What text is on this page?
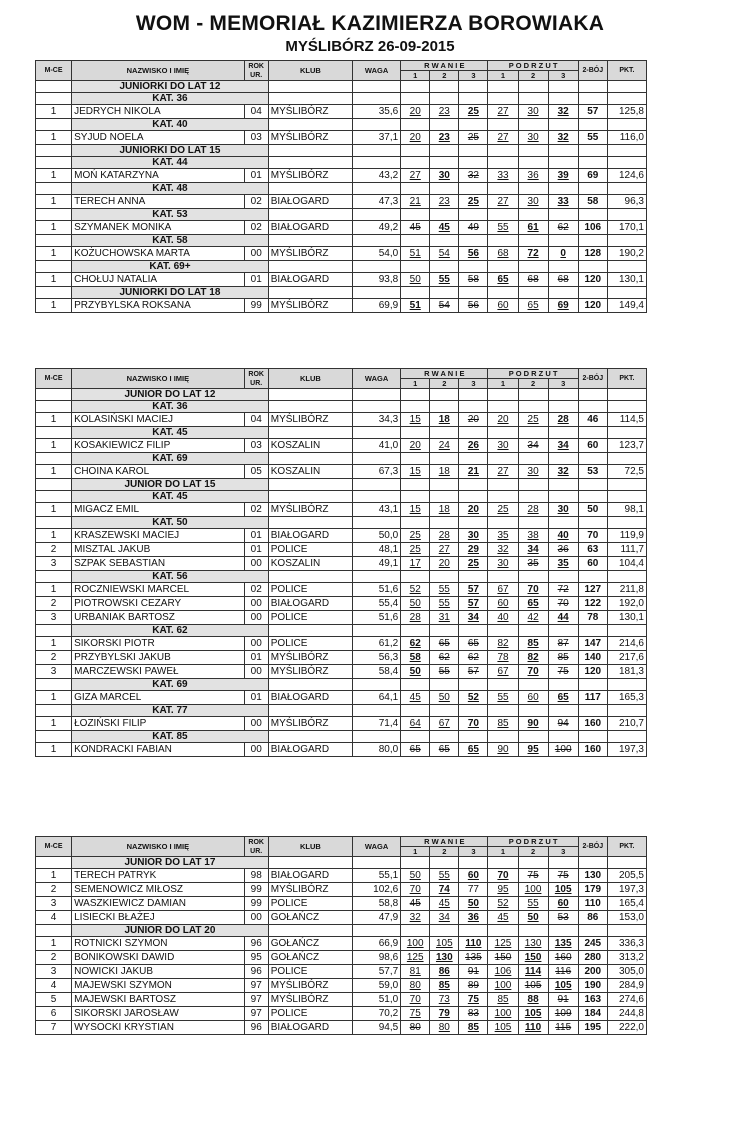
WOM - MEMORIAŁ KAZIMIERZA BOROWIAKA
MYŚLIBÓRZ 26-09-2015
M-CE	NAZWISKO I IMIĘ	ROK
UR.	KLUB	WAGA	R W A N I E			P O D R Z U T			2-BÓJ	PKT.
					1	2	3	1	2	3		
	JUNIORKI DO LAT 12											
	KAT. 36											
1	JEDRYCH NIKOLA	04	MYŚLIBÓRZ	35,6	20	23	25	27	30	32	57	125,8
	KAT. 40											
1	SYJUD NOELA	03	MYŚLIBÓRZ	37,1	20	23	25	27	30	32	55	116,0
	JUNIORKI DO LAT 15											
	KAT. 44											
1	MOŃ KATARZYNA	01	MYŚLIBÓRZ	43,2	27	30	32	33	36	39	69	124,6
	KAT. 48											
1	TERECH ANNA	02	BIAŁOGARD	47,3	21	23	25	27	30	33	58	96,3
	KAT. 53											
1	SZYMANEK MONIKA	02	BIAŁOGARD	49,2	45	45	49	55	61	62	106	170,1
	KAT. 58											
1	KOŻUCHOWSKA MARTA	00	MYŚLIBÓRZ	54,0	51	54	56	68	72	0	128	190,2
	KAT. 69+											
1	CHOŁUJ NATALIA	01	BIAŁOGARD	93,8	50	55	58	65	68	68	120	130,1
	JUNIORKI DO LAT 18											
1	PRZYBYLSKA ROKSANA	99	MYŚLIBÓRZ	69,9	51	54	56	60	65	69	120	149,4
M-CE	NAZWISKO I IMIĘ	ROK
UR.	KLUB	WAGA	R W A N I E			P O D R Z U T			2-BÓJ	PKT.
					1	2	3	1	2	3		
	JUNIOR DO LAT 12											
	KAT. 36											
1	KOLASIŃSKI MACIEJ	04	MYŚLIBÓRZ	34,3	15	18	20	20	25	28	46	114,5
	KAT. 45											
1	KOSAKIEWICZ FILIP	03	KOSZALIN	41,0	20	24	26	30	34	34	60	123,7
	KAT. 69											
1	CHOINA KAROL	05	KOSZALIN	67,3	15	18	21	27	30	32	53	72,5
	JUNIOR DO LAT 15											
	KAT. 45											
1	MIGACZ EMIL	02	MYŚLIBÓRZ	43,1	15	18	20	25	28	30	50	98,1
	KAT. 50											
1	KRASZEWSKI MACIEJ	01	BIAŁOGARD	50,0	25	28	30	35	38	40	70	119,9
2	MISZTAL JAKUB	01	POLICE	48,1	25	27	29	32	34	36	63	111,7
3	SZPAK SEBASTIAN	00	KOSZALIN	49,1	17	20	25	30	35	35	60	104,4
	KAT. 56											
1	ROCZNIEWSKI MARCEL	02	POLICE	51,6	52	55	57	67	70	72	127	211,8
2	PIOTROWSKI CEZARY	00	BIAŁOGARD	55,4	50	55	57	60	65	70	122	192,0
3	URBANIAK BARTOSZ	00	POLICE	51,6	28	31	34	40	42	44	78	130,1
	KAT. 62											
1	SIKORSKI PIOTR	00	POLICE	61,2	62	65	65	82	85	87	147	214,6
2	PRZYBYLSKI JAKUB	01	MYŚLIBÓRZ	56,3	58	62	62	78	82	85	140	217,6
3	MARCZEWSKI PAWEŁ	00	MYŚLIBÓRZ	58,4	50	55	57	67	70	75	120	181,3
	KAT. 69											
1	GIZA MARCEL	01	BIAŁOGARD	64,1	45	50	52	55	60	65	117	165,3
	KAT. 77											
1	ŁOZIŃSKI FILIP	00	MYŚLIBÓRZ	71,4	64	67	70	85	90	94	160	210,7
	KAT. 85											
1	KONDRACKI FABIAN	00	BIAŁOGARD	80,0	65	65	65	90	95	100	160	197,3
M-CE	NAZWISKO I IMIĘ	ROK
UR.	KLUB	WAGA	R W A N I E			P O D R Z U T			2-BÓJ	PKT.
					1	2	3	1	2	3		
	JUNIOR DO LAT 17											
1	TERECH PATRYK	98	BIAŁOGARD	55,1	50	55	60	70	75	75	130	205,5
2	SEMENOWICZ MIŁOSZ	99	MYŚLIBÓRZ	102,6	70	74	77	95	100	105	179	197,3
3	WASZKIEWICZ DAMIAN	99	POLICE	58,8	45	45	50	52	55	60	110	165,4
4	LISIECKI BŁAŻEJ	00	GOŁAŃCZ	47,9	32	34	36	45	50	53	86	153,0
	JUNIOR DO LAT 20											
1	ROTNICKI SZYMON	96	GOŁAŃCZ	66,9	100	105	110	125	130	135	245	336,3
2	BONIKOWSKI DAWID	95	GOŁAŃCZ	98,6	125	130	135	150	150	160	280	313,2
3	NOWICKI JAKUB	96	POLICE	57,7	81	86	91	106	114	116	200	305,0
4	MAJEWSKI SZYMON	97	MYŚLIBÓRZ	59,0	80	85	89	100	105	105	190	284,9
5	MAJEWSKI BARTOSZ	97	MYŚLIBÓRZ	51,0	70	73	75	85	88	91	163	274,6
6	SIKORSKI JAROSŁAW	97	POLICE	70,2	75	79	83	100	105	109	184	244,8
7	WYSOCKI KRYSTIAN	96	BIAŁOGARD	94,5	80	80	85	105	110	115	195	222,0
